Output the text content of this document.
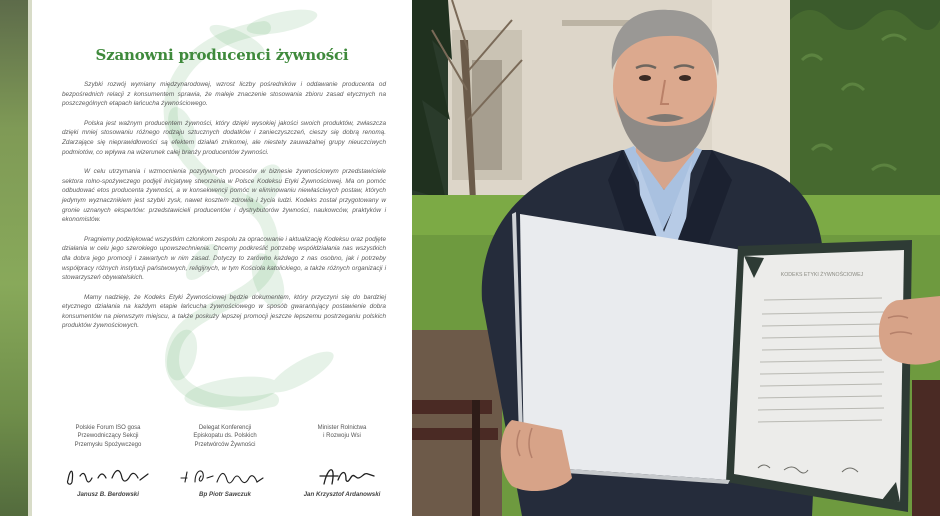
Szanowni producenci żywności

Szybki rozwój wymiany międzynarodowej, wzrost liczby pośredników i oddawanie producenta od bezpośrednich relacji z konsumentem sprawia, że maleje znaczenie stosowania zbioru zasad etycznych na poszczególnych etapach łańcucha żywnościowego.

Polska jest ważnym producentem żywności, który dzięki wysokiej jakości swoich produktów, zwłaszcza dzięki mniej stosowaniu różnego rodzaju sztucznych dodatków i zanieczyszczeń, cieszy się dobrą renomą. Zdarzające się nieprawidłowości są efektem działań znikomej, ale niestety zauważalnej grupy nieuczciwych podmiotów, co wpływa na wizerunek całej branży producentów żywności.

W celu utrzymania i wzmocnienia pozytywnych procesów w biznesie żywnościowym przedstawiciele sektora rolno-spożywczego podjęli inicjatywę stworzenia w Polsce Kodeksu Etyki Żywnościowej. Ma on pomóc odbudować etos producenta żywności, a w konsekwencji pomóc w eliminowaniu niewłaściwych postaw, których jedynym wyznacznikiem jest szybki zysk, nawet kosztem zdrowia i życia ludzi. Kodeks został przygotowany w gronie uznanych ekspertów: przedstawicieli producentów i dystrybutorów żywności, naukowców, praktyków i ekonomistów.

Pragniemy podziękować wszystkim członkom zespołu za opracowanie i aktualizację Kodeksu oraz podjęte działania w celu jego szerokiego upowszechnienia. Chcemy podkreślić potrzebę współdziałania nas wszystkich dla dobra jego promocji i zawartych w nim zasad. Dotyczy to zarówno każdego z nas osobno, jak i potrzeby współpracy różnych instytucji państwowych, religijnych, w tym Kościoła katolickiego, a także różnych organizacji i stowarzyszeń obywatelskich.

Mamy nadzieję, że Kodeks Etyki Żywnościowej będzie dokumentem, który przyczyni się do bardziej etycznego działania na każdym etapie łańcucha żywnościowego w sposób gwarantujący postawienie dobra konsumentów na pierwszym miejscu, a także poskuży lepszej promocji jeszcze lepszemu postrzeganiu polskich produktów żywnościowych.

Polskie Forum ISO gosa
Przewodniczący Sekcji
Przemysłu Spożywczego
Janusz B. Berdowski
Delegat Konferencji
Episkopatu ds. Polskich
Przetwórców Żywności
Bp Piotr Sawczuk
Minister Rolnictwa
i Rozwoju Wsi
Jan Krzysztof Ardanowski
KODEKS ETYKI ŻYWNOŚCIOWEJ
